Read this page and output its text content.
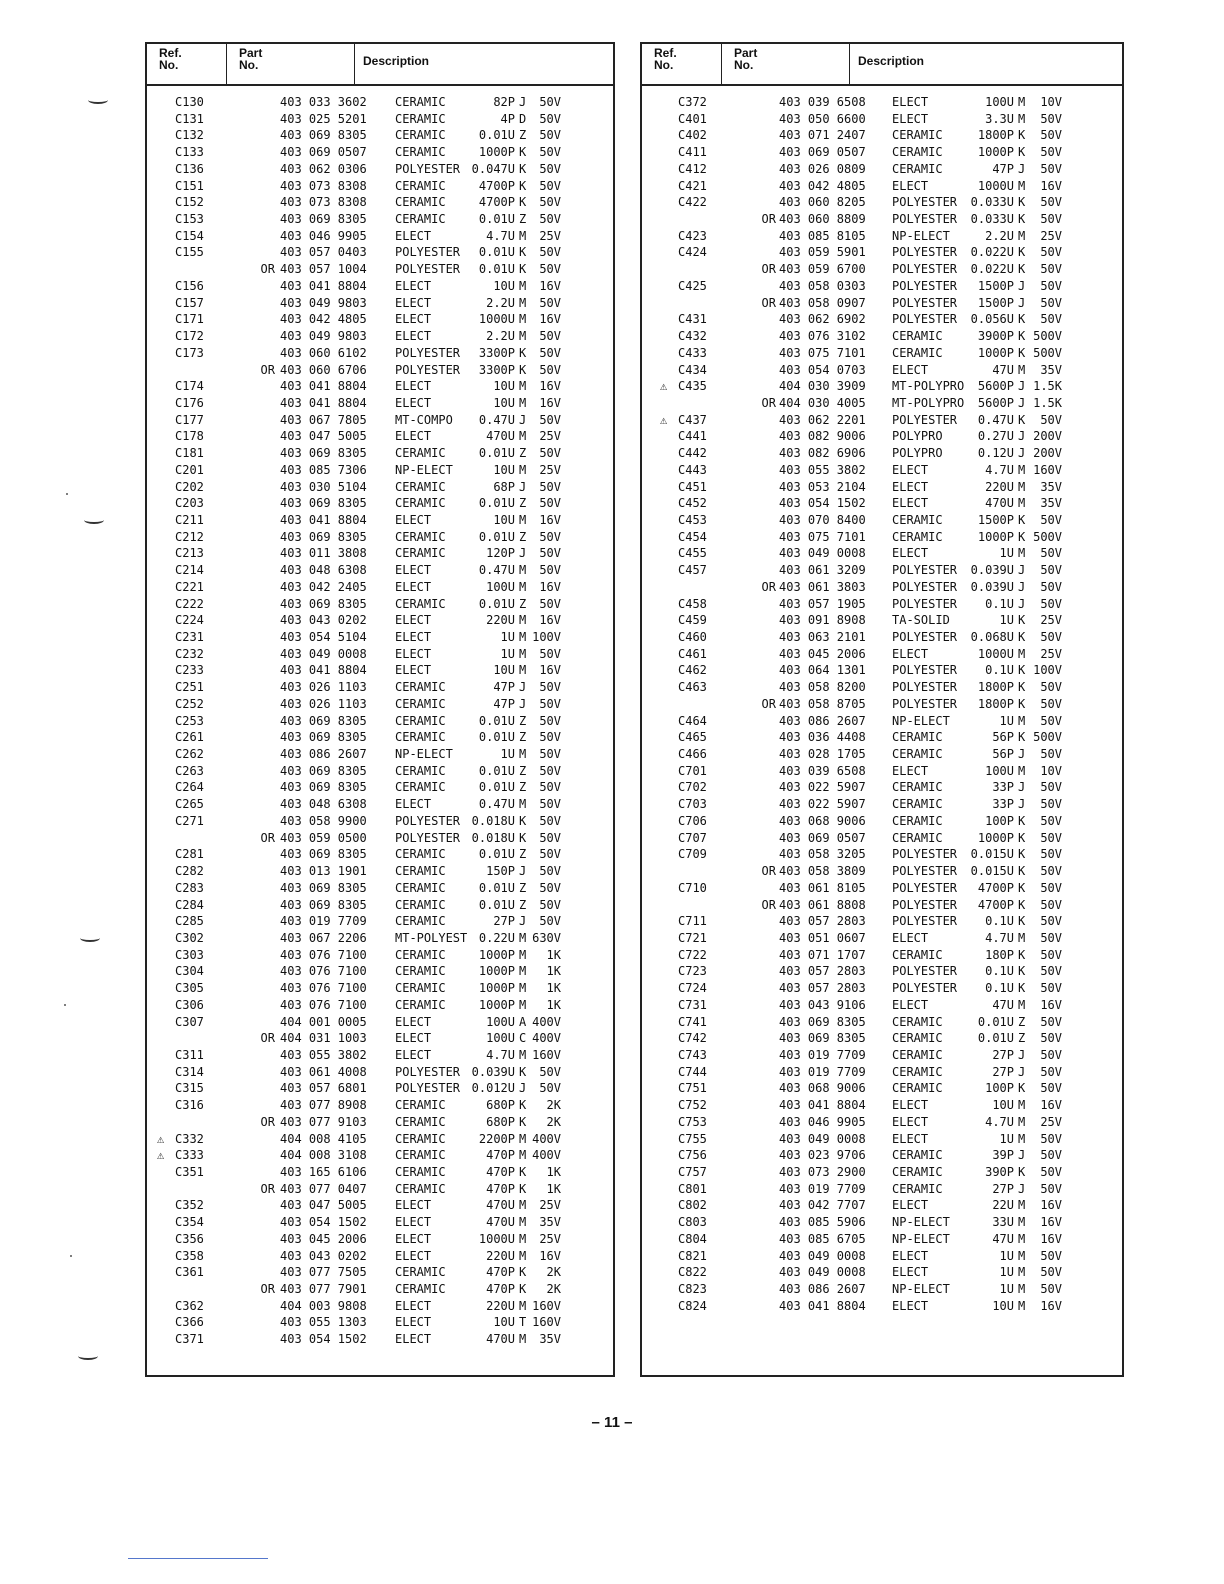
Ref.
No.
Part
No.	Description
C130	403 033 3602 CERAMIC	82P J	50V
C131	403 025 5201 CERAMIC	4P D	50V
C132	403 069 8305 CERAMIC	0.01U Z	50V
C133	403 069 0507 CERAMIC	1000P K	50V
C136	403 062 0306 POLYESTER 0.047U K	50V
C151	403 073 8308 CERAMIC	4700P K	50V
C152	403 073 8308 CERAMIC	4700P K	50V
C153	403 069 8305 CERAMIC	0.01U Z	50V
C154	403 046 9905 ELECT	4.7U M	25V
C155	403 057 0403 POLYESTER	0.01U K	50V
OR 403 057 1004 POLYESTER	0.01U K	50V
C156	403 041 8804 ELECT	10U M	16V
C157	403 049 9803 ELECT	2.2U M	50V
C171	403 042 4805 ELECT	1000U M	16V
C172	403 049 9803 ELECT	2.2U M	50V
C173	403 060 6102 POLYESTER	3300P K	50V
OR 403 060 6706 POLYESTER	3300P K	50V
C174	403 041 8804 ELECT	10U M	16V
C176	403 041 8804 ELECT	10U M	16V
C177	403 067 7805 MT-COMPO	0.47U J	50V
C178	403 047 5005 ELECT	470U M	25V
C181	403 069 8305 CERAMIC	0.01U Z	50V
C201	403 085 7306 NP-ELECT	10U M	25V
C202	403 030 5104 CERAMIC	68P J	50V
C203	403 069 8305 CERAMIC	0.01U Z	50V
C211	403 041 8804 ELECT	10U M	16V
C212	403 069 8305 CERAMIC	0.01U Z	50V
C213	403 011 3808 CERAMIC	120P J	50V
C214	403 048 6308 ELECT	0.47U M	50V
C221	403 042 2405 ELECT	100U M	16V
C222	403 069 8305 CERAMIC	0.01U Z	50V
C224	403 043 0202 ELECT	220U M	16V
C231	403 054 5104 ELECT	1U M 100V
C232	403 049 0008 ELECT	1U M	50V
C233	403 041 8804 ELECT	10U M	16V
C251	403 026 1103 CERAMIC	47P J	50V
C252	403 026 1103 CERAMIC	47P J	50V
C253	403 069 8305 CERAMIC	0.01U Z	50V
C261	403 069 8305 CERAMIC	0.01U Z	50V
C262	403 086 2607 NP-ELECT	1U M	50V
C263	403 069 8305 CERAMIC	0.01U Z	50V
C264	403 069 8305 CERAMIC	0.01U Z	50V
C265	403 048 6308 ELECT	0.47U M	50V
C271	403 058 9900 POLYESTER 0.018U K	50V
OR 403 059 0500 POLYESTER 0.018U K	50V
C281	403 069 8305 CERAMIC	0.01U Z	50V
C282	403 013 1901 CERAMIC	150P J	50V
C283	403 069 8305 CERAMIC	0.01U Z	50V
C284	403 069 8305 CERAMIC	0.01U Z	50V
C285	403 019 7709 CERAMIC	27P J	50V
C302	403 067 2206 MT-POLYEST 0.22U M 630V
C303	403 076 7100 CERAMIC	1000P M	1K
C304	403 076 7100 CERAMIC	1000P M	1K
C305	403 076 7100 CERAMIC	1000P M	1K
C306	403 076 7100 CERAMIC	1000P M	1K
C307	404 001 0005 ELECT	100U A 400V
OR 404 031 1003 ELECT	100U C 400V
C311	403 055 3802 ELECT	4.7U M 160V
C314	403 061 4008 POLYESTER 0.039U K	50V
C315	403 057 6801 POLYESTER 0.012U J	50V
C316	403 077 8908 CERAMIC	680P K	2K
OR 403 077 9103 CERAMIC	680P K	2K
⚠ C332	404 008 4105 CERAMIC	2200P M 400V
⚠ C333	404 008 3108 CERAMIC	470P M 400V
C351	403 165 6106 CERAMIC	470P K	1K
OR 403 077 0407 CERAMIC	470P K	1K
C352	403 047 5005 ELECT	470U M	25V
C354	403 054 1502 ELECT	470U M	35V
C356	403 045 2006 ELECT	1000U M	25V
C358	403 043 0202 ELECT	220U M	16V
C361	403 077 7505 CERAMIC	470P K	2K
OR 403 077 7901 CERAMIC	470P K	2K
C362	404 003 9808 ELECT	220U M 160V
C366	403 055 1303 ELECT	10U T 160V
C371	403 054 1502 ELECT	470U M	35V
Ref.
No.
Part
No.	Description
C372	403 039 6508 ELECT	100U M	10V
C401	403 050 6600 ELECT	3.3U M	50V
C402	403 071 2407 CERAMIC	1800P K	50V
C411	403 069 0507 CERAMIC	1000P K	50V
C412	403 026 0809 CERAMIC	47P J	50V
C421	403 042 4805 ELECT	1000U M	16V
C422	403 060 8205 POLYESTER	0.033U K	50V
OR 403 060 8809 POLYESTER	0.033U K	50V
C423	403 085 8105 NP-ELECT	2.2U M	25V
C424	403 059 5901 POLYESTER	0.022U K	50V
OR 403 059 6700 POLYESTER	0.022U K	50V
C425	403 058 0303 POLYESTER	1500P J	50V
OR 403 058 0907 POLYESTER	1500P J	50V
C431	403 062 6902 POLYESTER	0.056U K	50V
C432	403 076 3102 CERAMIC	3900P K 500V
C433	403 075 7101 CERAMIC	1000P K 500V
C434	403 054 0703 ELECT	47U M	35V
⚠ C435	404 030 3909 MT-POLYPRO	5600P J 1.5K
OR 404 030 4005 MT-POLYPRO	5600P J 1.5K
⚠ C437	403 062 2201 POLYESTER	0.47U K	50V
C441	403 082 9006 POLYPRO	0.27U J 200V
C442	403 082 6906 POLYPRO	0.12U J 200V
C443	403 055 3802 ELECT	4.7U M 160V
C451	403 053 2104 ELECT	220U M	35V
C452	403 054 1502 ELECT	470U M	35V
C453	403 070 8400 CERAMIC	1500P K	50V
C454	403 075 7101 CERAMIC	1000P K 500V
C455	403 049 0008 ELECT	1U M	50V
C457	403 061 3209 POLYESTER	0.039U J	50V
OR 403 061 3803 POLYESTER	0.039U J	50V
C458	403 057 1905 POLYESTER	0.1U J	50V
C459	403 091 8908 TA-SOLID	1U K	25V
C460	403 063 2101 POLYESTER	0.068U K	50V
C461	403 045 2006 ELECT	1000U M	25V
C462	403 064 1301 POLYESTER	0.1U K 100V
C463	403 058 8200 POLYESTER	1800P K	50V
OR 403 058 8705 POLYESTER	1800P K	50V
C464	403 086 2607 NP-ELECT	1U M	50V
C465	403 036 4408 CERAMIC	56P K 500V
C466	403 028 1705 CERAMIC	56P J	50V
C701	403 039 6508 ELECT	100U M	10V
C702	403 022 5907 CERAMIC	33P J	50V
C703	403 022 5907 CERAMIC	33P J	50V
C706	403 068 9006 CERAMIC	100P K	50V
C707	403 069 0507 CERAMIC	1000P K	50V
C709	403 058 3205 POLYESTER	0.015U K	50V
OR 403 058 3809 POLYESTER	0.015U K	50V
C710	403 061 8105 POLYESTER	4700P K	50V
OR 403 061 8808 POLYESTER	4700P K	50V
C711	403 057 2803 POLYESTER	0.1U K	50V
C721	403 051 0607 ELECT	4.7U M	50V
C722	403 071 1707 CERAMIC	180P K	50V
C723	403 057 2803 POLYESTER	0.1U K	50V
C724	403 057 2803 POLYESTER	0.1U K	50V
C731	403 043 9106 ELECT	47U M	16V
C741	403 069 8305 CERAMIC	0.01U Z	50V
C742	403 069 8305 CERAMIC	0.01U Z	50V
C743	403 019 7709 CERAMIC	27P J	50V
C744	403 019 7709 CERAMIC	27P J	50V
C751	403 068 9006 CERAMIC	100P K	50V
C752	403 041 8804 ELECT	10U M	16V
C753	403 046 9905 ELECT	4.7U M	25V
C755	403 049 0008 ELECT	1U M	50V
C756	403 023 9706 CERAMIC	39P J	50V
C757	403 073 2900 CERAMIC	390P K	50V
C801	403 019 7709 CERAMIC	27P J	50V
C802	403 042 7707 ELECT	22U M	16V
C803	403 085 5906 NP-ELECT	33U M	16V
C804	403 085 6705 NP-ELECT	47U M	16V
C821	403 049 0008 ELECT	1U M	50V
C822	403 049 0008 ELECT	1U M	50V
C823	403 086 2607 NP-ELECT	1U M	50V
C824	403 041 8804 ELECT	10U M	16V
– 11 –
